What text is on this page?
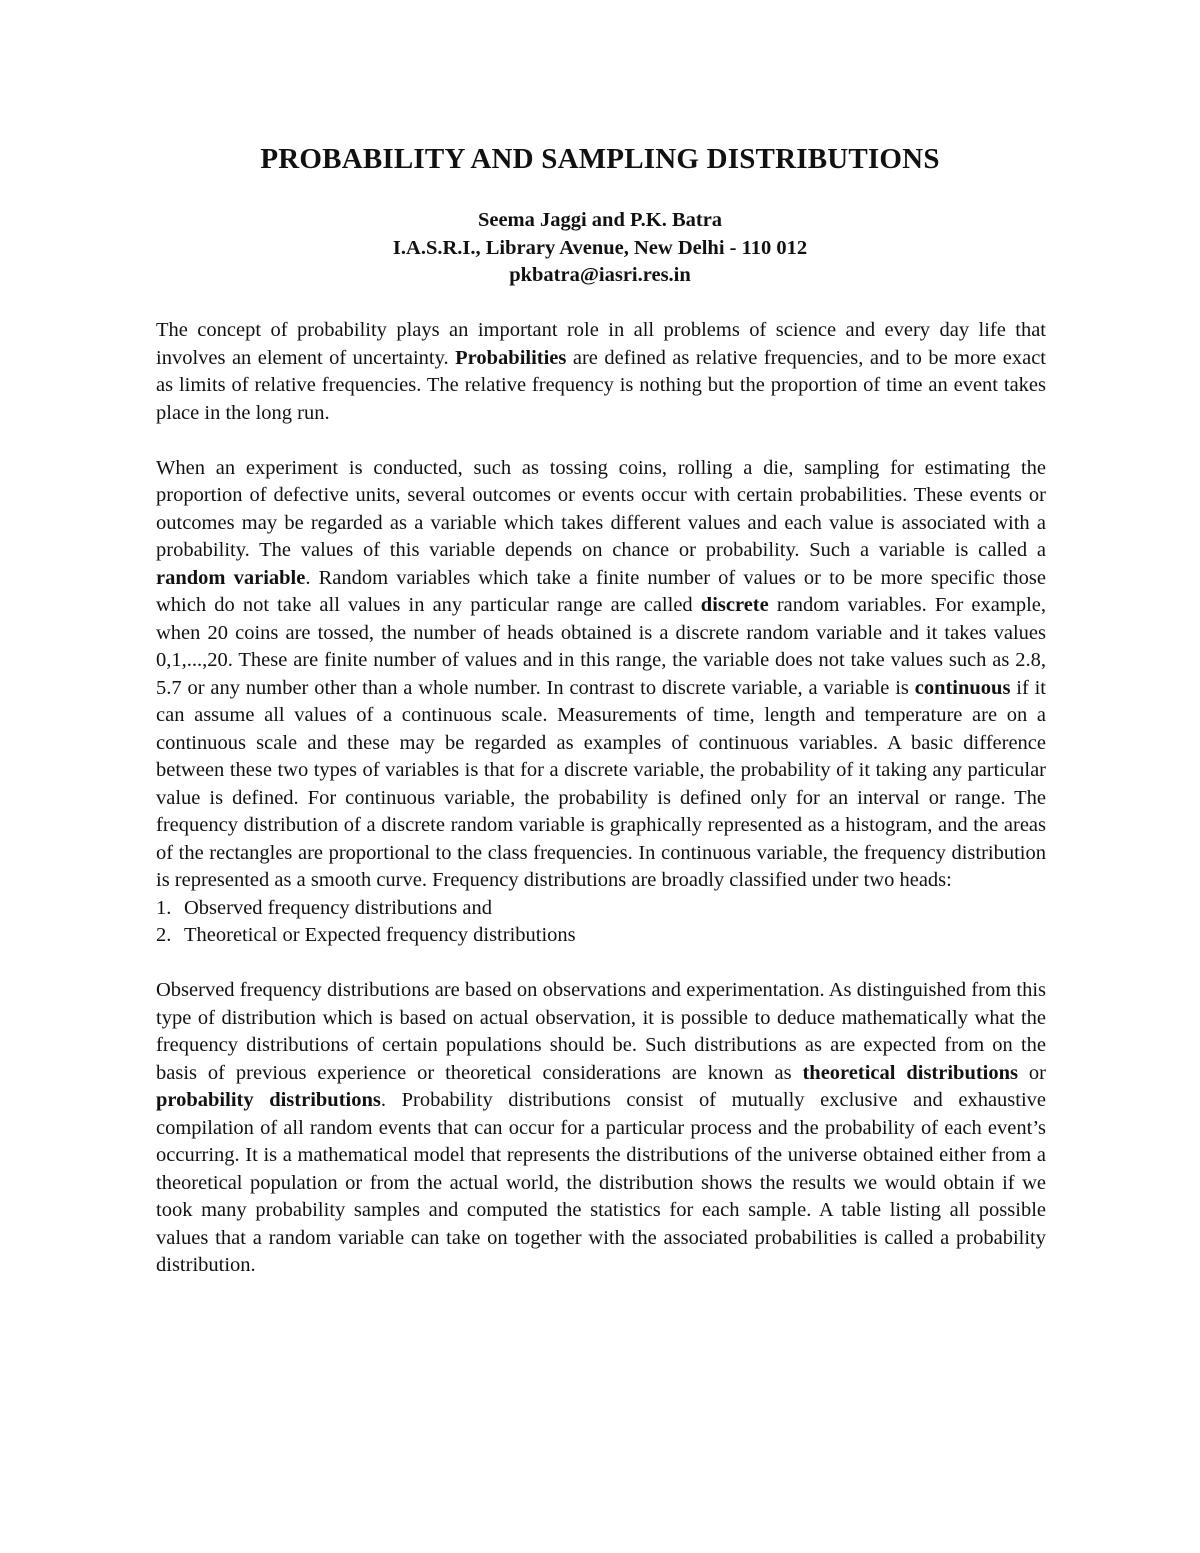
PROBABILITY AND SAMPLING DISTRIBUTIONS
Seema Jaggi and P.K. Batra
I.A.S.R.I., Library Avenue, New Delhi - 110 012
pkbatra@iasri.res.in

The concept of probability plays an important role in all problems of science and every day life that involves an element of uncertainty. Probabilities are defined as relative frequencies, and to be more exact as limits of relative frequencies. The relative frequency is nothing but the proportion of time an event takes place in the long run.

When an experiment is conducted, such as tossing coins, rolling a die, sampling for estimating the proportion of defective units, several outcomes or events occur with certain probabilities. These events or outcomes may be regarded as a variable which takes different values and each value is associated with a probability. The values of this variable depends on chance or probability. Such a variable is called a random variable. Random variables which take a finite number of values or to be more specific those which do not take all values in any particular range are called discrete random variables. For example, when 20 coins are tossed, the number of heads obtained is a discrete random variable and it takes values 0,1,...,20. These are finite number of values and in this range, the variable does not take values such as 2.8, 5.7 or any number other than a whole number. In contrast to discrete variable, a variable is continuous if it can assume all values of a continuous scale. Measurements of time, length and temperature are on a continuous scale and these may be regarded as examples of continuous variables. A basic difference between these two types of variables is that for a discrete variable, the probability of it taking any particular value is defined. For continuous variable, the probability is defined only for an interval or range. The frequency distribution of a discrete random variable is graphically represented as a histogram, and the areas of the rectangles are proportional to the class frequencies. In continuous variable, the frequency distribution is represented as a smooth curve. Frequency distributions are broadly classified under two heads:

1. Observed frequency distributions and
2. Theoretical or Expected frequency distributions

Observed frequency distributions are based on observations and experimentation. As distinguished from this type of distribution which is based on actual observation, it is possible to deduce mathematically what the frequency distributions of certain populations should be. Such distributions as are expected from on the basis of previous experience or theoretical considerations are known as theoretical distributions or probability distributions. Probability distributions consist of mutually exclusive and exhaustive compilation of all random events that can occur for a particular process and the probability of each event’s occurring. It is a mathematical model that represents the distributions of the universe obtained either from a theoretical population or from the actual world, the distribution shows the results we would obtain if we took many probability samples and computed the statistics for each sample. A table listing all possible values that a random variable can take on together with the associated probabilities is called a probability distribution.
